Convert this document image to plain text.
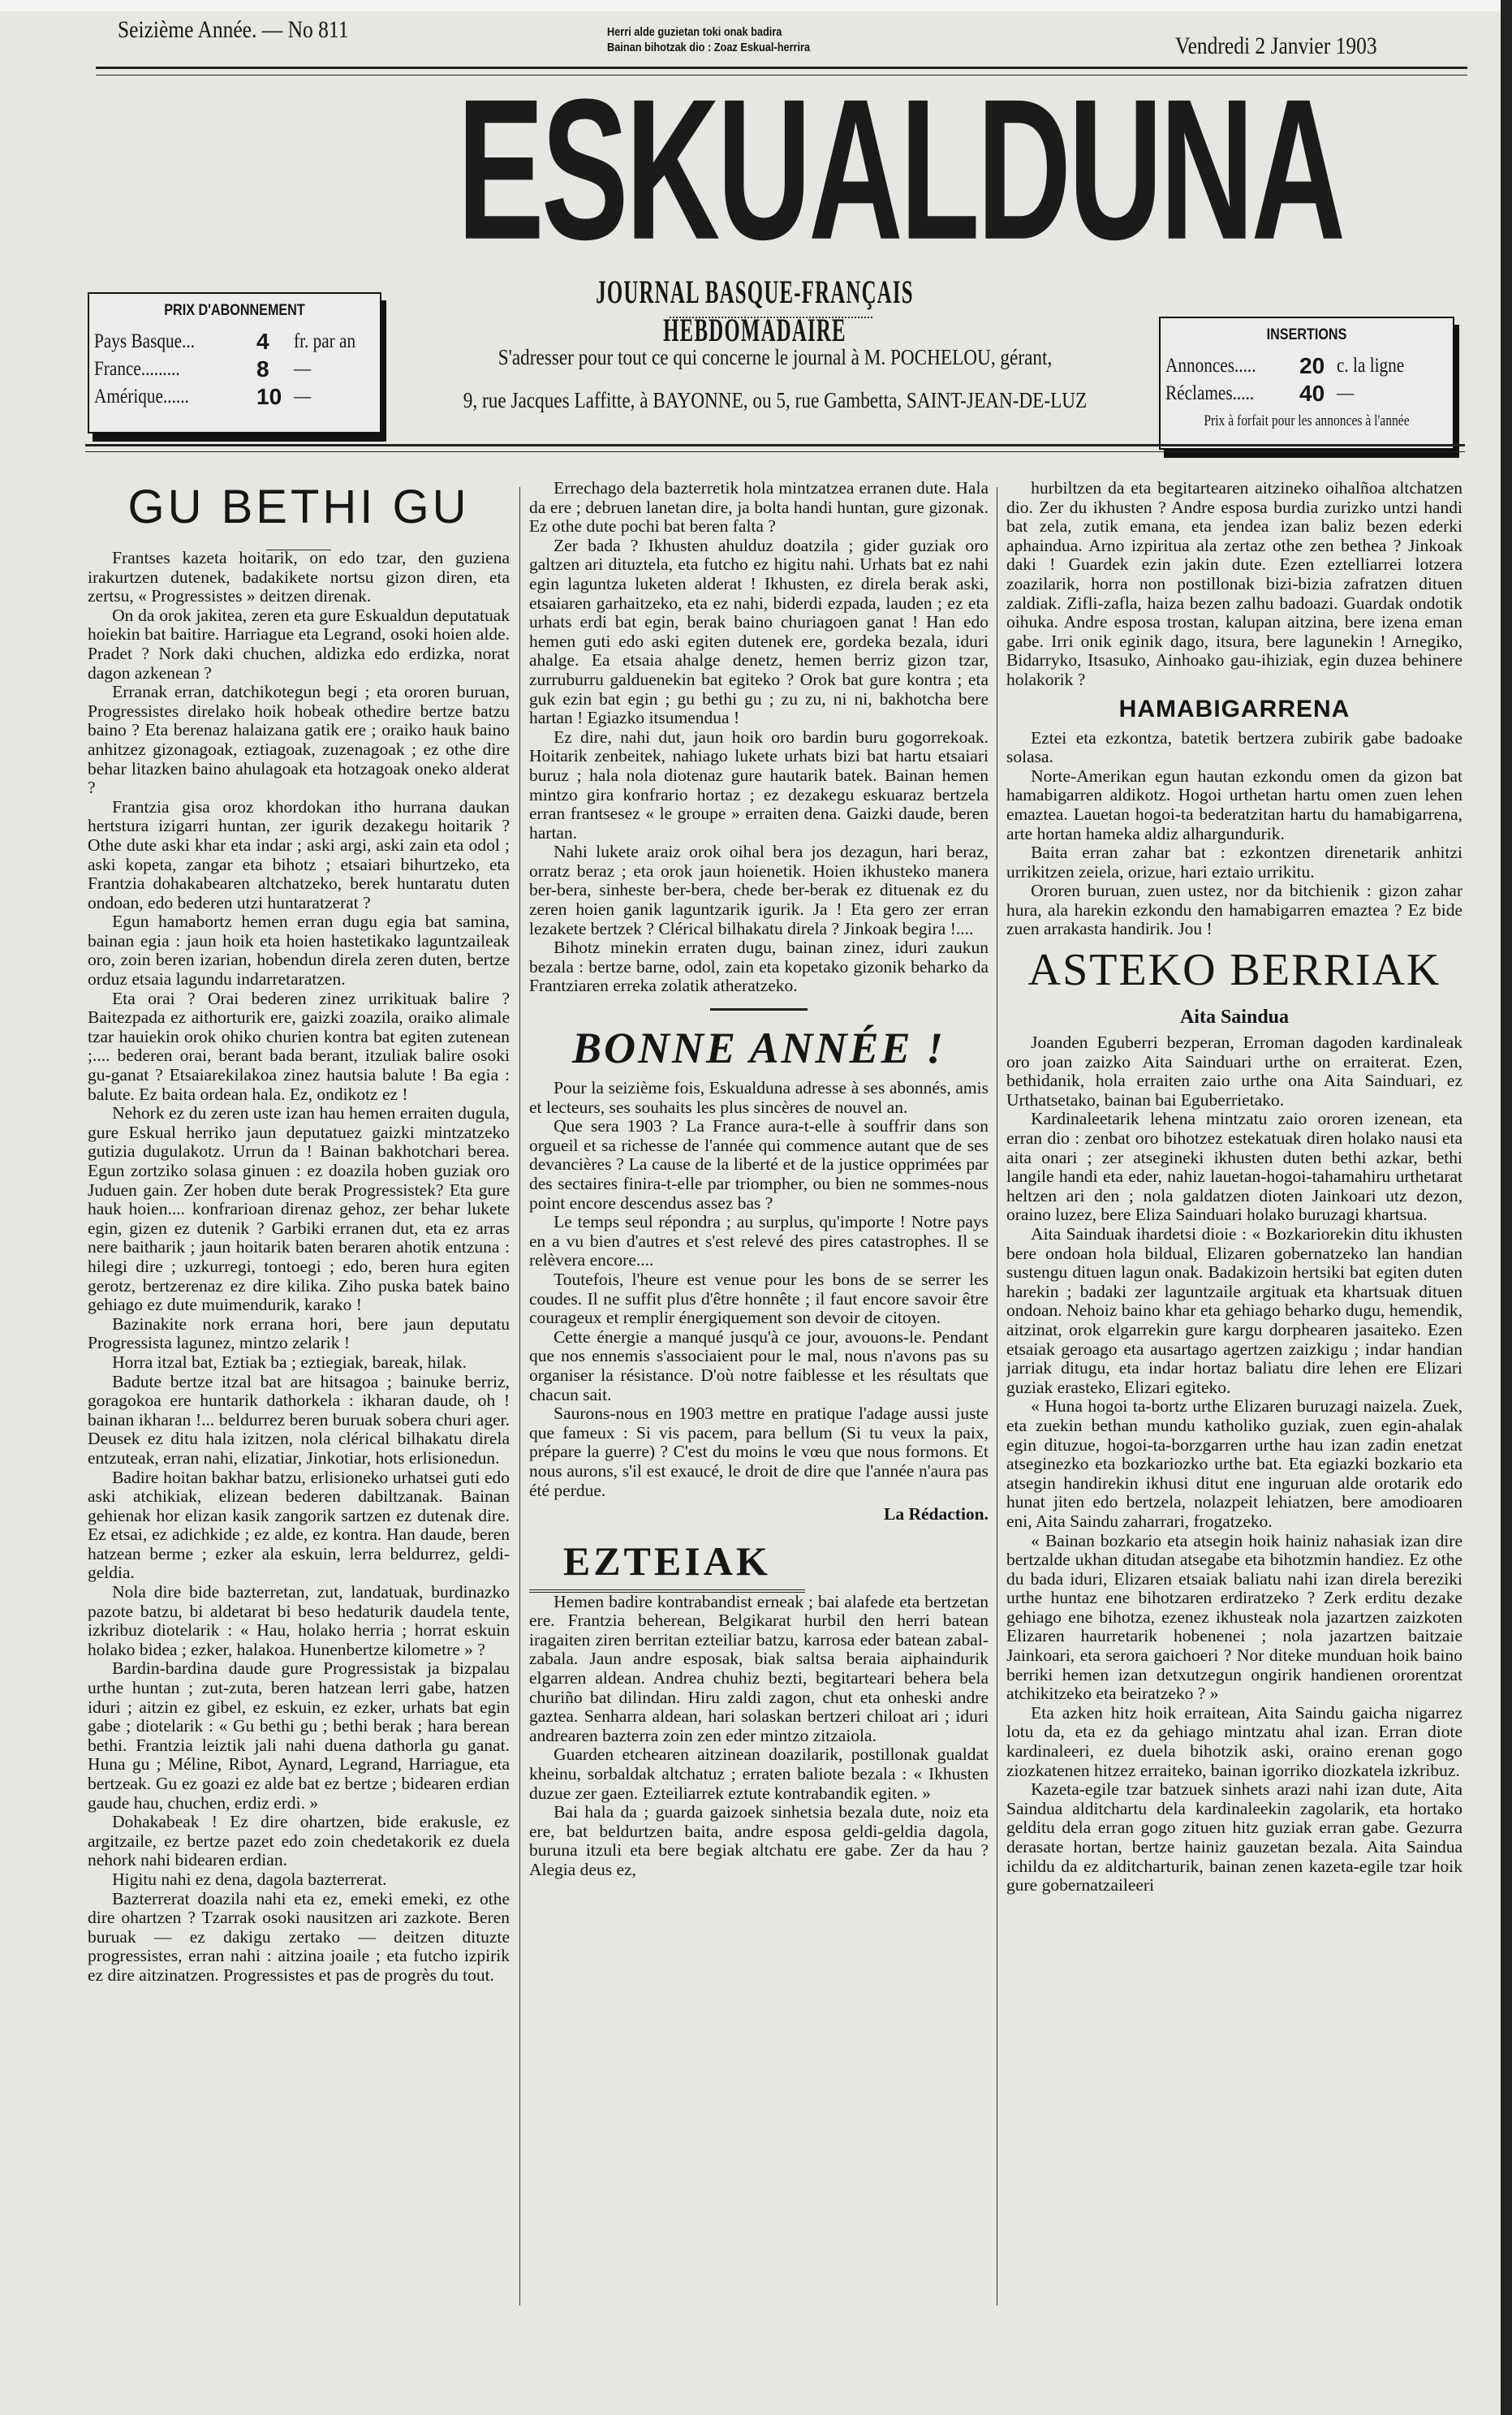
Seizième Année. — No 811	Herri alde guzietan toki onak badira
Bainan bihotzak dio : Zoaz Eskual-herrira	Vendredi 2 Janvier 1903
ESKUALDUNA
JOURNAL BASQUE-FRANÇAIS HEBDOMADAIRE
PRIX D'ABONNEMENT
Pays Basque...	4	fr. par an
France.........	8	—
Amérique......	10 —
S'adresser pour tout ce qui concerne le journal à M. POCHELOU, gérant,
9, rue Jacques Laffitte, à BAYONNE, ou 5, rue Gambetta, SAINT-JEAN-DE-LUZ
INSERTIONS
Annonces.....	20 c. la ligne
Réclames.....	40 —
Prix à forfait pour les annonces à l'année

GU BETHI GU

Frantses kazeta hoitarik, on edo tzar, den guziena irakurtzen dutenek, badakikete nortsu gizon diren, eta zertsu, « Progressistes » deitzen direnak.

On da orok jakitea, zeren eta gure Eskualdun deputatuak hoiekin bat baitire. Harriague eta Legrand, osoki hoien alde. Pradet ? Nork daki chuchen, aldizka edo erdizka, norat dagon azkenean ?

Erranak erran, datchikotegun begi ; eta ororen buruan, Progressistes direlako hoik hobeak othedire bertze batzu baino ? Eta berenaz halaizana gatik ere ; oraiko hauk baino anhitzez gizonagoak, eztiagoak, zuzenagoak ; ez othe dire behar litazken baino ahulagoak eta hotzagoak oneko alderat ?

Frantzia gisa oroz khordokan itho hurrana daukan hertstura izigarri huntan, zer igurik dezakegu hoitarik ? Othe dute aski khar eta indar ; aski argi, aski zain eta odol ; aski kopeta, zangar eta bihotz ; etsaiari bihurtzeko, eta Frantzia dohakabearen altchatzeko, berek huntaratu duten ondoan, edo bederen utzi huntaratzerat ?

Egun hamabortz hemen erran dugu egia bat samina, bainan egia : jaun hoik eta hoien hastetikako laguntzaileak oro, zoin beren izarian, hobendun direla zeren duten, bertze orduz etsaia lagundu indarretaratzen.

Eta orai ? Orai bederen zinez urrikituak balire ? Baitezpada ez aithorturik ere, gaizki zoazila, oraiko alimale tzar hauiekin orok ohiko churien kontra bat egiten zutenean ;.... bederen orai, berant bada berant, itzuliak balire osoki gu-ganat ? Etsaiarekilakoa zinez hautsia balute ! Ba egia : balute. Ez baita ordean hala. Ez, ondikotz ez !

Nehork ez du zeren uste izan hau hemen erraiten dugula, gure Eskual herriko jaun deputatuez gaizki mintzatzeko gutizia dugulakotz. Urrun da ! Bainan bakhotchari berea. Egun zortziko solasa ginuen : ez doazila hoben guziak oro Juduen gain. Zer hoben dute berak Progressistek? Eta gure hauk hoien.... konfrarioan direnaz gehoz, zer behar lukete egin, gizen ez dutenik ? Garbiki erranen dut, eta ez arras nere baitharik ; jaun hoitarik baten beraren ahotik entzuna : hilegi dire ; uzkurregi, tontoegi ; edo, beren hura egiten gerotz, bertzerenaz ez dire kilika. Ziho puska batek baino gehiago ez dute muimendurik, karako !

Bazinakite nork errana hori, bere jaun deputatu Progressista lagunez, mintzo zelarik !

Horra itzal bat, Eztiak ba ; eztiegiak, bareak, hilak.

Badute bertze itzal bat are hitsagoa ; bainuke berriz, goragokoa ere huntarik dathorkela : ikharan daude, oh ! bainan ikharan !... beldurrez beren buruak sobera churi ager. Deusek ez ditu hala izitzen, nola clérical bilhakatu direla entzuteak, erran nahi, elizatiar, Jinkotiar, hots erlisionedun.

Badire hoitan bakhar batzu, erlisioneko urhatsei guti edo aski atchikiak, elizean bederen dabiltzanak. Bainan gehienak hor elizan kasik zangorik sartzen ez dutenak dire. Ez etsai, ez adichkide ; ez alde, ez kontra. Han daude, beren hatzean berme ; ezker ala eskuin, lerra beldurrez, geldi-geldia.

Nola dire bide bazterretan, zut, landatuak, burdinazko pazote batzu, bi aldetarat bi beso hedaturik daudela tente, izkribuz diotelarik : « Hau, holako herria ; horrat eskuin holako bidea ; ezker, halakoa. Hunenbertze kilometre » ?

Bardin-bardina daude gure Progressistak ja bizpalau urthe huntan ; zut-zuta, beren hatzean lerri gabe, hatzen iduri ; aitzin ez gibel, ez eskuin, ez ezker, urhats bat egin gabe ; diotelarik : « Gu bethi gu ; bethi berak ; hara berean bethi. Frantzia leiztik jali nahi duena dathorla gu ganat. Huna gu ; Méline, Ribot, Aynard, Legrand, Harriague, eta bertzeak. Gu ez goazi ez alde bat ez bertze ; bidearen erdian gaude hau, chuchen, erdiz erdi. »

Dohakabeak ! Ez dire ohartzen, bide erakusle, ez argitzaile, ez bertze pazet edo zoin chedetakorik ez duela nehork nahi bidearen erdian.

Higitu nahi ez dena, dagola bazterrerat.

Bazterrerat doazila nahi eta ez, emeki emeki, ez othe dire ohartzen ? Tzarrak osoki nausitzen ari zazkote. Beren buruak — ez dakigu zertako — deitzen dituzte progressistes, erran nahi : aitzina joaile ; eta futcho izpirik ez dire aitzinatzen. Progressistes et pas de progrès du tout.

Errechago dela bazterretik hola mintzatzea erranen dute. Hala da ere ; debruen lanetan dire, ja bolta handi huntan, gure gizonak. Ez othe dute pochi bat beren falta ?

Zer bada ? Ikhusten ahulduz doatzila ; gider guziak oro galtzen ari dituztela, eta futcho ez higitu nahi. Urhats bat ez nahi egin laguntza luketen alderat ! Ikhusten, ez direla berak aski, etsaiaren garhaitzeko, eta ez nahi, biderdi ezpada, lauden ; ez eta urhats erdi bat egin, berak baino churiagoen ganat ! Han edo hemen guti edo aski egiten dutenek ere, gordeka bezala, iduri ahalge. Ea etsaia ahalge denetz, hemen berriz gizon tzar, zurruburru galduenekin bat egiteko ? Orok bat gure kontra ; eta guk ezin bat egin ; gu bethi gu ; zu zu, ni ni, bakhotcha bere hartan ! Egiazko itsumendua !

Ez dire, nahi dut, jaun hoik oro bardin buru gogorrekoak. Hoitarik zenbeitek, nahiago lukete urhats bizi bat hartu etsaiari buruz ; hala nola diotenaz gure hautarik batek. Bainan hemen mintzo gira konfrario hortaz ; ez dezakegu eskuaraz bertzela erran frantsesez « le groupe » erraiten dena. Gaizki daude, beren hartan.

Nahi lukete araiz orok oihal bera jos dezagun, hari beraz, orratz beraz ; eta orok jaun hoienetik. Hoien ikhusteko manera ber-bera, sinheste ber-bera, chede ber-berak ez dituenak ez du zeren hoien ganik laguntzarik igurik. Ja ! Eta gero zer erran lezakete bertzek ? Clérical bilhakatu direla ? Jinkoak begira !....

Bihotz minekin erraten dugu, bainan zinez, iduri zaukun bezala : bertze barne, odol, zain eta kopetako gizonik beharko da Frantziaren erreka zolatik atheratzeko.

BONNE ANNÉE !

Pour la seizième fois, Eskualduna adresse à ses abonnés, amis et lecteurs, ses souhaits les plus sincères de nouvel an.

Que sera 1903 ? La France aura-t-elle à souffrir dans son orgueil et sa richesse de l'année qui commence autant que de ses devancières ? La cause de la liberté et de la justice opprimées par des sectaires finira-t-elle par triompher, ou bien ne sommes-nous point encore descendus assez bas ?

Le temps seul répondra ; au surplus, qu'importe ! Notre pays en a vu bien d'autres et s'est relevé des pires catastrophes. Il se relèvera encore....

Toutefois, l'heure est venue pour les bons de se serrer les coudes. Il ne suffit plus d'être honnête ; il faut encore savoir être courageux et remplir énergiquement son devoir de citoyen.

Cette énergie a manqué jusqu'à ce jour, avouons-le. Pendant que nos ennemis s'associaient pour le mal, nous n'avons pas su organiser la résistance. D'où notre faiblesse et les résultats que chacun sait.

Saurons-nous en 1903 mettre en pratique l'adage aussi juste que fameux : Si vis pacem, para bellum (Si tu veux la paix, prépare la guerre) ? C'est du moins le vœu que nous formons. Et nous aurons, s'il est exaucé, le droit de dire que l'année n'aura pas été perdue.

La Rédaction.

EZTEIAK

Hemen badire kontrabandist erneak ; bai alafede eta bertzetan ere. Frantzia beherean, Belgikarat hurbil den herri batean iragaiten ziren berritan ezteiliar batzu, karrosa eder batean zabal-zabala. Jaun andre esposak, biak saltsa beraia aiphaindurik elgarren aldean. Andrea chuhiz bezti, begitarteari behera bela churiño bat dilindan. Hiru zaldi zagon, chut eta onheski andre gaztea. Senharra aldean, hari solaskan bertzeri chiloat ari ; iduri andrearen bazterra zoin zen eder mintzo zitzaiola.

Guarden etchearen aitzinean doazilarik, postillonak gualdat kheinu, sorbaldak altchatuz ; erraten baliote bezala : « Ikhusten duzue zer gaen. Ezteiliarrek eztute kontrabandik egiten. »

Bai hala da ; guarda gaizoek sinhetsia bezala dute, noiz eta ere, bat beldurtzen baita, andre esposa geldi-geldia dagola, buruna itzuli eta bere begiak altchatu ere gabe. Zer da hau ? Alegia deus ez,

hurbiltzen da eta begitartearen aitzineko oihalñoa altchatzen dio. Zer du ikhusten ? Andre esposa burdia zurizko untzi handi bat zela, zutik emana, eta jendea izan baliz bezen ederki aphaindua. Arno izpiritua ala zertaz othe zen bethea ? Jinkoak daki ! Guardek ezin jakin dute. Ezen eztelliarrei lotzera zoazilarik, horra non postillonak bizi-bizia zafratzen dituen zaldiak. Zifli-zafla, haiza bezen zalhu badoazi. Guardak ondotik oihuka. Andre esposa trostan, kalupan aitzina, bere izena eman gabe. Irri onik eginik dago, itsura, bere lagunekin ! Arnegiko, Bidarryko, Itsasuko, Ainhoako gau-ihiziak, egin duzea behinere holakorik ?

HAMABIGARRENA

Eztei eta ezkontza, batetik bertzera zubirik gabe badoake solasa.

Norte-Amerikan egun hautan ezkondu omen da gizon bat hamabigarren aldikotz. Hogoi urthetan hartu omen zuen lehen emaztea. Lauetan hogoi-ta bederatzitan hartu du hamabigarrena, arte hortan hameka aldiz alhargundurik.

Baita erran zahar bat : ezkontzen direnetarik anhitzi urrikitzen zeiela, orizue, hari eztaio urrikitu.

Ororen buruan, zuen ustez, nor da bitchienik : gizon zahar hura, ala harekin ezkondu den hamabigarren emaztea ? Ez bide zuen arrakasta handirik. Jou !

ASTEKO BERRIAK

Aita Saindua

Joanden Eguberri bezperan, Erroman dagoden kardinaleak oro joan zaizko Aita Sainduari urthe on erraiterat. Ezen, bethidanik, hola erraiten zaio urthe ona Aita Sainduari, ez Urthatsetako, bainan bai Eguberrietako.

Kardinaleetarik lehena mintzatu zaio ororen izenean, eta erran dio : zenbat oro bihotzez estekatuak diren holako nausi eta aita onari ; zer atsegineki ikhusten duten bethi azkar, bethi langile handi eta eder, nahiz lauetan-hogoi-tahamahiru urthetarat heltzen ari den ; nola galdatzen dioten Jainkoari utz dezon, oraino luzez, bere Eliza Sainduari holako buruzagi khartsua.

Aita Sainduak ihardetsi dioie : « Bozkariorekin ditu ikhusten bere ondoan hola bildual, Elizaren gobernatzeko lan handian sustengu dituen lagun onak. Badakizoin hertsiki bat egiten duten harekin ; badaki zer laguntzaile argituak eta khartsuak dituen ondoan. Nehoiz baino khar eta gehiago beharko dugu, hemendik, aitzinat, orok elgarrekin gure kargu dorphearen jasaiteko. Ezen etsaiak geroago eta ausartago agertzen zaizkigu ; indar handian jarriak ditugu, eta indar hortaz baliatu dire lehen ere Elizari guziak erasteko, Elizari egiteko.

« Huna hogoi ta-bortz urthe Elizaren buruzagi naizela. Zuek, eta zuekin bethan mundu katholiko guziak, zuen egin-ahalak egin dituzue, hogoi-ta-borzgarren urthe hau izan zadin enetzat atseginezko eta bozkariozko urthe bat. Eta egiazki bozkario eta atsegin handirekin ikhusi ditut ene inguruan alde orotarik edo hunat jiten edo bertzela, nolazpeit lehiatzen, bere amodioaren eni, Aita Saindu zaharrari, frogatzeko.

« Bainan bozkario eta atsegin hoik hainiz nahasiak izan dire bertzalde ukhan ditudan atsegabe eta bihotzmin handiez. Ez othe du bada iduri, Elizaren etsaiak baliatu nahi izan direla bereziki urthe huntaz ene bihotzaren erdiratzeko ? Zerk erditu dezake gehiago ene bihotza, ezenez ikhusteak nola jazartzen zaizkoten Elizaren haurretarik hobenenei ; nola jazartzen baitzaie Jainkoari, eta serora gaichoeri ? Nor diteke munduan hoik baino berriki hemen izan detxutzegun ongirik handienen ororentzat atchikitzeko eta beiratzeko ? »

Eta azken hitz hoik erraitean, Aita Saindu gaicha nigarrez lotu da, eta ez da gehiago mintzatu ahal izan. Erran diote kardinaleeri, ez duela bihotzik aski, oraino erenan gogo ziozkatenen hitzez erraiteko, bainan igorriko diozkatela izkribuz.

Kazeta-egile tzar batzuek sinhets arazi nahi izan dute, Aita Saindua alditchartu dela kardinaleekin zagolarik, eta hortako gelditu dela erran gogo zituen hitz guziak erran gabe. Gezurra derasate hortan, bertze hainiz gauzetan bezala. Aita Saindua ichildu da ez alditcharturik, bainan zenen kazeta-egile tzar hoik gure gobernatzaileeri
